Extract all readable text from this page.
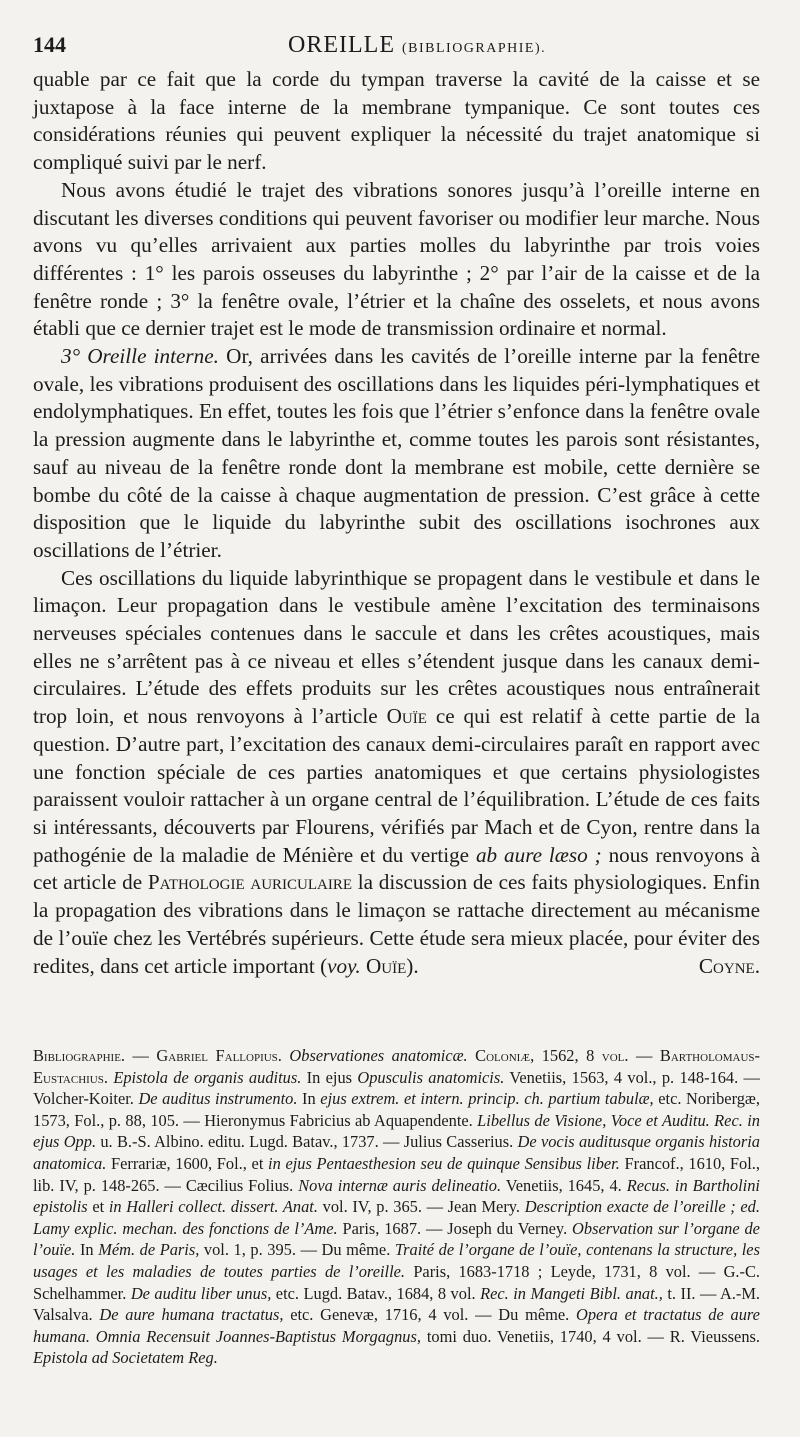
144	OREILLE (BIBLIOGRAPHIE).

quable par ce fait que la corde du tympan traverse la cavité de la caisse et se juxtapose à la face interne de la membrane tympanique. Ce sont toutes ces considérations réunies qui peuvent expliquer la nécessité du trajet anatomique si compliqué suivi par le nerf.

Nous avons étudié le trajet des vibrations sonores jusqu’à l’oreille interne en discutant les diverses conditions qui peuvent favoriser ou modifier leur marche. Nous avons vu qu’elles arrivaient aux parties molles du labyrinthe par trois voies différentes : 1° les parois osseuses du labyrinthe ; 2° par l’air de la caisse et de la fenêtre ronde ; 3° la fenêtre ovale, l’étrier et la chaîne des osselets, et nous avons établi que ce dernier trajet est le mode de transmission ordinaire et normal.

3° Oreille interne. Or, arrivées dans les cavités de l’oreille interne par la fenêtre ovale, les vibrations produisent des oscillations dans les liquides péri-lymphatiques et endolymphatiques. En effet, toutes les fois que l’étrier s’enfonce dans la fenêtre ovale la pression augmente dans le labyrinthe et, comme toutes les parois sont résistantes, sauf au niveau de la fenêtre ronde dont la membrane est mobile, cette dernière se bombe du côté de la caisse à chaque augmentation de pression. C’est grâce à cette disposition que le liquide du labyrinthe subit des oscillations isochrones aux oscillations de l’étrier.

Ces oscillations du liquide labyrinthique se propagent dans le vestibule et dans le limaçon. Leur propagation dans le vestibule amène l’excitation des terminaisons nerveuses spéciales contenues dans le saccule et dans les crêtes acoustiques, mais elles ne s’arrêtent pas à ce niveau et elles s’étendent jusque dans les canaux demi-circulaires. L’étude des effets produits sur les crêtes acoustiques nous entraînerait trop loin, et nous renvoyons à l’article Ouïe ce qui est relatif à cette partie de la question. D’autre part, l’excitation des canaux demi-circulaires paraît en rapport avec une fonction spéciale de ces parties anatomiques et que certains physiologistes paraissent vouloir rattacher à un organe central de l’équilibration. L’étude de ces faits si intéressants, découverts par Flourens, vérifiés par Mach et de Cyon, rentre dans la pathogénie de la maladie de Ménière et du vertige ab aure læso ; nous renvoyons à cet article de Pathologie auriculaire la discussion de ces faits physiologiques. Enfin la propagation des vibrations dans le limaçon se rattache directement au mécanisme de l’ouïe chez les Vertébrés supérieurs. Cette étude sera mieux placée, pour éviter des redites, dans cet article important (voy. Ouïe).	Coyne.

Bibliographie. — Gabriel Fallopius. Observationes anatomicæ. Coloniæ, 1562, 8 vol. — Bartholomaus-Eustachius. Epistola de organis auditus. In ejus Opusculis anatomicis. Venetiis, 1563, 4 vol., p. 148-164. — Volcher-Koiter. De auditus instrumento. In ejus extrem. et intern. princip. ch. partium tabulæ, etc. Noribergæ, 1573, Fol., p. 88, 105. — Hieronymus Fabricius ab Aquapendente. Libellus de Visione, Voce et Auditu. Rec. in ejus Opp. u. B.-S. Albino. editu. Lugd. Batav., 1737. — Julius Casserius. De vocis auditusque organis historia anatomica. Ferrariæ, 1600, Fol., et in ejus Pentaesthesion seu de quinque Sensibus liber. Francof., 1610, Fol., lib. IV, p. 148-265. — Cæcilius Folius. Nova internæ auris delineatio. Venetiis, 1645, 4. Recus. in Bartholini epistolis et in Halleri collect. dissert. Anat. vol. IV, p. 365. — Jean Mery. Description exacte de l’oreille ; ed. Lamy explic. mechan. des fonctions de l’Ame. Paris, 1687. — Joseph du Verney. Observation sur l’organe de l’ouïe. In Mém. de Paris, vol. 1, p. 395. — Du même. Traité de l’organe de l’ouïe, contenans la structure, les usages et les maladies de toutes parties de l’oreille. Paris, 1683-1718 ; Leyde, 1731, 8 vol. — G.-C. Schelhammer. De auditu liber unus, etc. Lugd. Batav., 1684, 8 vol. Rec. in Mangeti Bibl. anat., t. II. — A.-M. Valsalva. De aure humana tractatus, etc. Genevæ, 1716, 4 vol. — Du même. Opera et tractatus de aure humana. Omnia Recensuit Joannes-Baptistus Morgagnus, tomi duo. Venetiis, 1740, 4 vol. — R. Vieussens. Epistola ad Societatem Reg.
